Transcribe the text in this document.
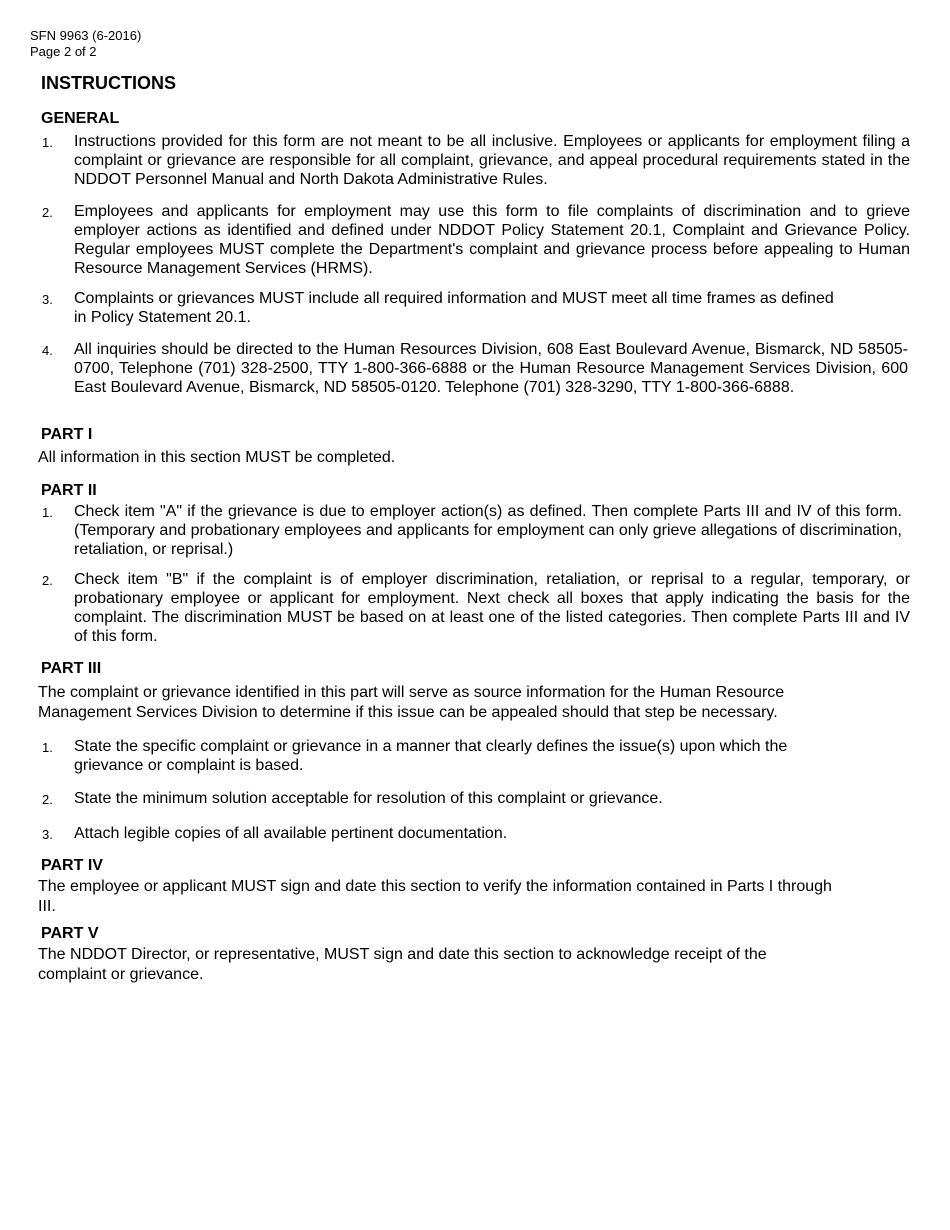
SFN 9963 (6-2016)
Page 2 of 2
INSTRUCTIONS
GENERAL
1. Instructions provided for this form are not meant to be all inclusive. Employees or applicants for employment filing a complaint or grievance are responsible for all complaint, grievance, and appeal procedural requirements stated in the NDDOT Personnel Manual and North Dakota Administrative Rules.
2. Employees and applicants for employment may use this form to file complaints of discrimination and to grieve employer actions as identified and defined under NDDOT Policy Statement 20.1, Complaint and Grievance Policy. Regular employees MUST complete the Department's complaint and grievance process before appealing to Human Resource Management Services (HRMS).
3. Complaints or grievances MUST include all required information and MUST meet all time frames as defined in Policy Statement 20.1.
4. All inquiries should be directed to the Human Resources Division, 608 East Boulevard Avenue, Bismarck, ND 58505-0700, Telephone (701) 328-2500, TTY 1-800-366-6888 or the Human Resource Management Services Division, 600 East Boulevard Avenue, Bismarck, ND 58505-0120. Telephone (701) 328-3290, TTY 1-800-366-6888.
PART I

All information in this section MUST be completed.

PART II
1. Check item "A" if the grievance is due to employer action(s) as defined. Then complete Parts III and IV of this form. (Temporary and probationary employees and applicants for employment can only grieve allegations of discrimination, retaliation, or reprisal.)
2. Check item "B" if the complaint is of employer discrimination, retaliation, or reprisal to a regular, temporary, or probationary employee or applicant for employment. Next check all boxes that apply indicating the basis for the complaint. The discrimination MUST be based on at least one of the listed categories. Then complete Parts III and IV of this form.
PART III

The complaint or grievance identified in this part will serve as source information for the Human Resource Management Services Division to determine if this issue can be appealed should that step be necessary.

1. State the specific complaint or grievance in a manner that clearly defines the issue(s) upon which the grievance or complaint is based.
2. State the minimum solution acceptable for resolution of this complaint or grievance.
3. Attach legible copies of all available pertinent documentation.
PART IV

The employee or applicant MUST sign and date this section to verify the information contained in Parts I through III.

PART V

The NDDOT Director, or representative, MUST sign and date this section to acknowledge receipt of the complaint or grievance.
